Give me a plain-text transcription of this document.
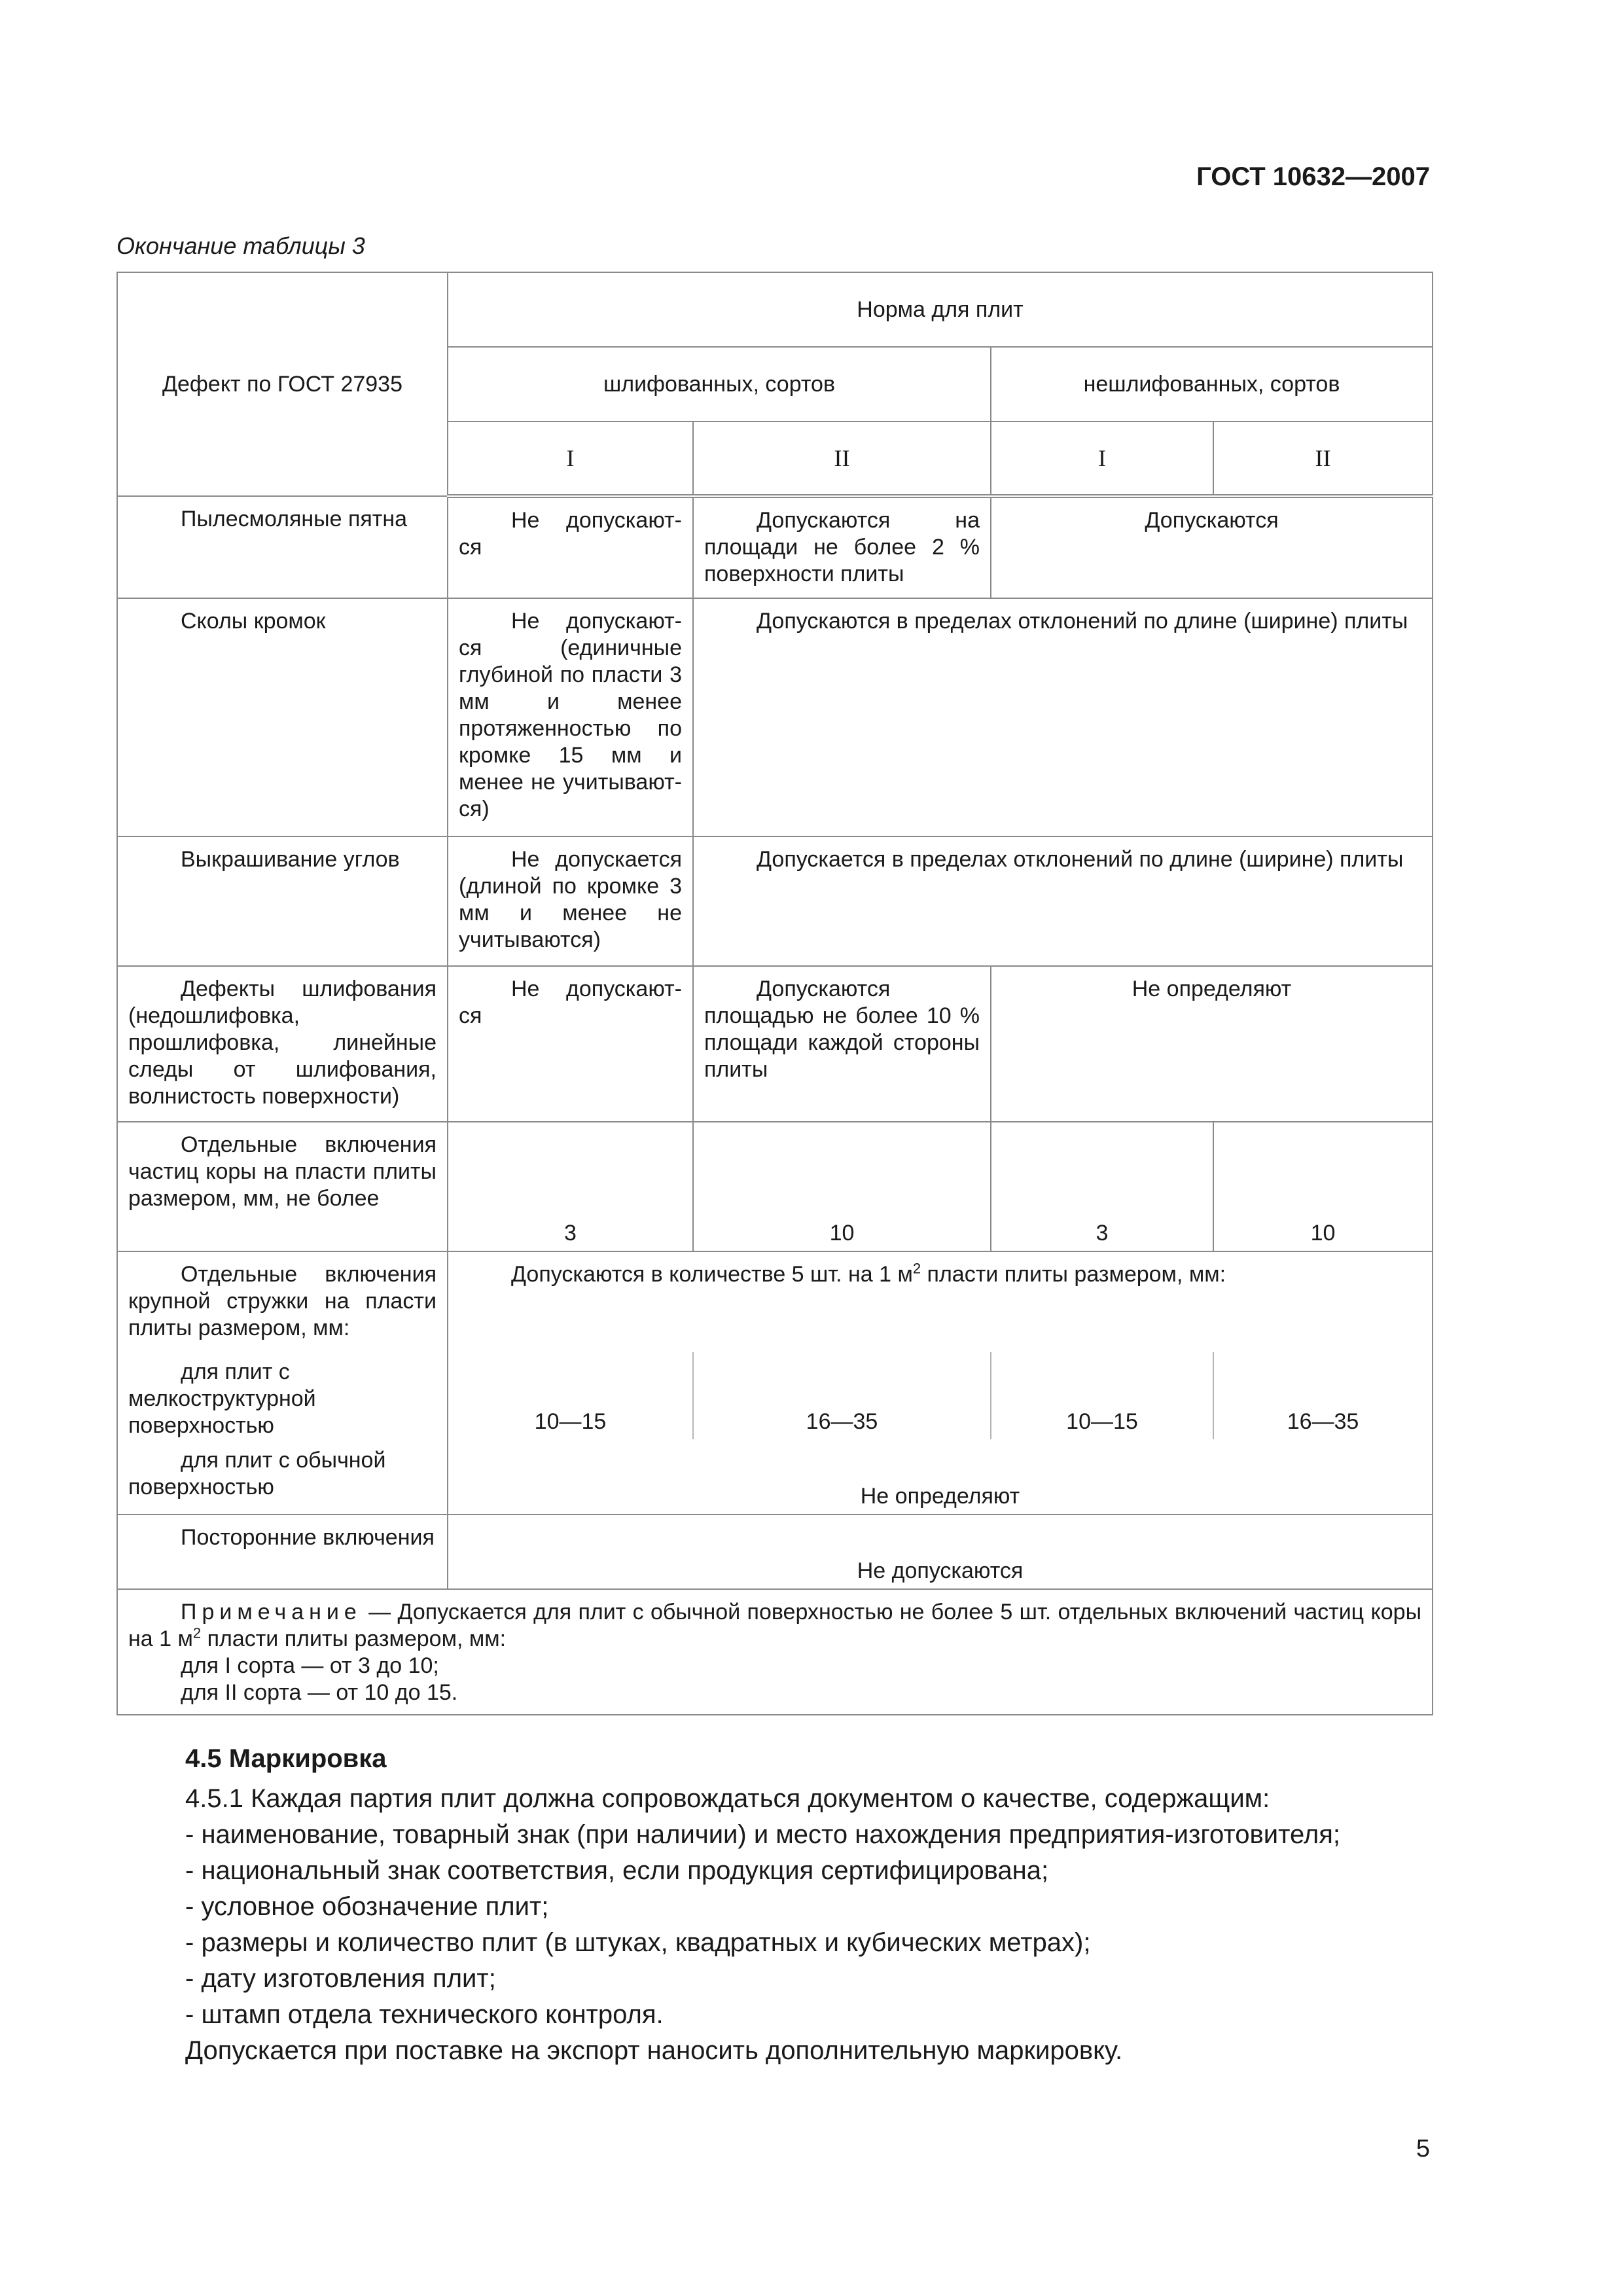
ГОСТ 10632—2007
Окончание таблицы 3
Дефект по ГОСТ 27935	Норма для плит			
	шлифованных, сортов		нешлифованных, сортов	
	I	II	I	II
Пылесмоляные пятна	Не допускают-ся	Допускаются на площади не более 2 % поверхности плиты	Допускаются	
Сколы кромок	Не допускают-ся (единичные глубиной по пласти 3 мм и менее протяженностью по кромке 15 мм и менее не учитывают-ся)	Допускаются в пределах отклонений по длине (ширине) плиты		
Выкрашивание углов	Не допускается (длиной по кромке 3 мм и менее не учитываются)	Допускается в пределах отклонений по длине (ширине) плиты		
Дефекты шлифования (недошлифовка, прошлифовка, линейные следы от шлифования, волнистость поверхности)	Не допускают-ся	Допускаются площадью не более 10 % площади каждой стороны плиты	Не определяют	
Отдельные включения частиц коры на пласти плиты размером, мм, не более	3	10	3	10
Отдельные включения крупной стружки на пласти плиты размером, мм:	Допускаются в количестве 5 шт. на 1 $м^2$ пласти плиты размером, мм:			
для плит с мелкоструктурной поверхностью	10—15	16—35	10—15	16—35
для плит с обычной поверхностью	Не определяют			
Посторонние включения	Не допускаются			

Примечание — Допускается для плит с обычной поверхностью не более 5 шт. отдельных включений частиц коры на 1 $м^2$ пласти плиты размером, мм:
для I сорта — от 3 до 10;
для II сорта — от 10 до 15.				
4.5 Маркировка

4.5.1 Каждая партия плит должна сопровождаться документом о качестве, содержащим:

- наименование, товарный знак (при наличии) и место нахождения предприятия-изготовителя;
- национальный знак соответствия, если продукция сертифицирована;
- условное обозначение плит;
- размеры и количество плит (в штуках, квадратных и кубических метрах);
- дату изготовления плит;
- штамп отдела технического контроля.

Допускается при поставке на экспорт наносить дополнительную маркировку.

5
